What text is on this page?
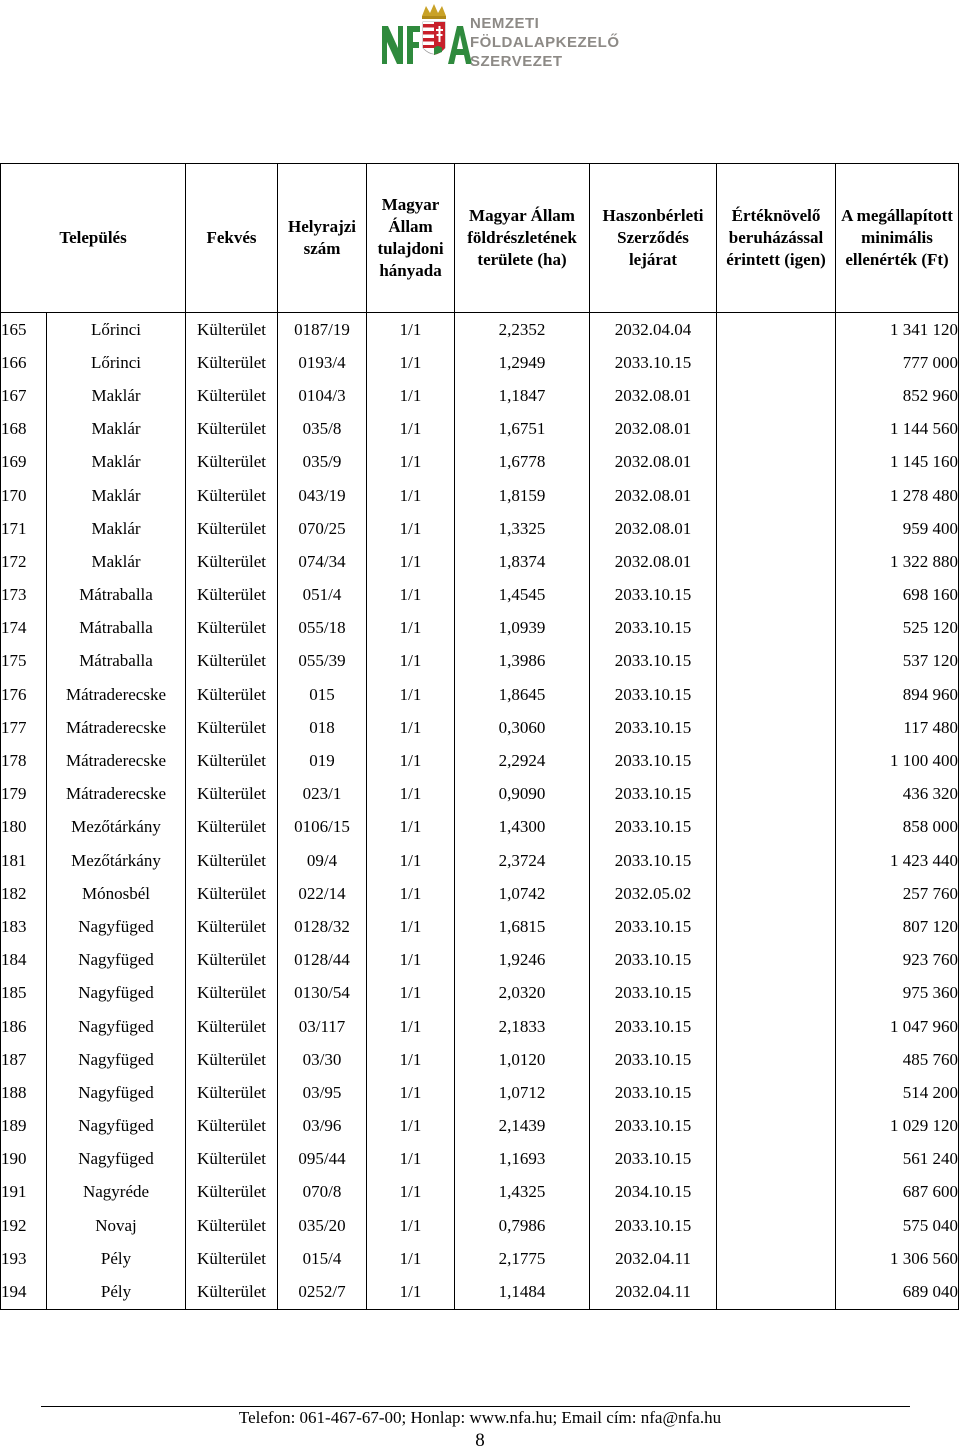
NEMZETI
FÖLDALAPKEZELŐ
SZERVEZET
Székhely: 1149 Budapest, Bosnyák tér 5.
Törzskönyvi azonosítószám: 775706
Település		Fekvés	Helyrajzi szám	Magyar Állam tulajdoni hányada	Magyar Állam földrészletének területe (ha)	Haszonbérleti Szerződés lejárat	Értéknövelő beruházással érintett (igen)	A megállapított minimális ellenérték (Ft)
165	Lőrinci	Külterület	0187/19	1/1	2,2352	2032.04.04		1 341 120
166	Lőrinci	Külterület	0193/4	1/1	1,2949	2033.10.15		777 000
167	Maklár	Külterület	0104/3	1/1	1,1847	2032.08.01		852 960
168	Maklár	Külterület	035/8	1/1	1,6751	2032.08.01		1 144 560
169	Maklár	Külterület	035/9	1/1	1,6778	2032.08.01		1 145 160
170	Maklár	Külterület	043/19	1/1	1,8159	2032.08.01		1 278 480
171	Maklár	Külterület	070/25	1/1	1,3325	2032.08.01		959 400
172	Maklár	Külterület	074/34	1/1	1,8374	2032.08.01		1 322 880
173	Mátraballa	Külterület	051/4	1/1	1,4545	2033.10.15		698 160
174	Mátraballa	Külterület	055/18	1/1	1,0939	2033.10.15		525 120
175	Mátraballa	Külterület	055/39	1/1	1,3986	2033.10.15		537 120
176	Mátraderecske	Külterület	015	1/1	1,8645	2033.10.15		894 960
177	Mátraderecske	Külterület	018	1/1	0,3060	2033.10.15		117 480
178	Mátraderecske	Külterület	019	1/1	2,2924	2033.10.15		1 100 400
179	Mátraderecske	Külterület	023/1	1/1	0,9090	2033.10.15		436 320
180	Mezőtárkány	Külterület	0106/15	1/1	1,4300	2033.10.15		858 000
181	Mezőtárkány	Külterület	09/4	1/1	2,3724	2033.10.15		1 423 440
182	Mónosbél	Külterület	022/14	1/1	1,0742	2032.05.02		257 760
183	Nagyfüged	Külterület	0128/32	1/1	1,6815	2033.10.15		807 120
184	Nagyfüged	Külterület	0128/44	1/1	1,9246	2033.10.15		923 760
185	Nagyfüged	Külterület	0130/54	1/1	2,0320	2033.10.15		975 360
186	Nagyfüged	Külterület	03/117	1/1	2,1833	2033.10.15		1 047 960
187	Nagyfüged	Külterület	03/30	1/1	1,0120	2033.10.15		485 760
188	Nagyfüged	Külterület	03/95	1/1	1,0712	2033.10.15		514 200
189	Nagyfüged	Külterület	03/96	1/1	2,1439	2033.10.15		1 029 120
190	Nagyfüged	Külterület	095/44	1/1	1,1693	2033.10.15		561 240
191	Nagyréde	Külterület	070/8	1/1	1,4325	2034.10.15		687 600
192	Novaj	Külterület	035/20	1/1	0,7986	2033.10.15		575 040
193	Pély	Külterület	015/4	1/1	2,1775	2032.04.11		1 306 560
194	Pély	Külterület	0252/7	1/1	1,1484	2032.04.11		689 040
Telefon: 061-467-67-00; Honlap: www.nfa.hu; Email cím: nfa@nfa.hu
8
